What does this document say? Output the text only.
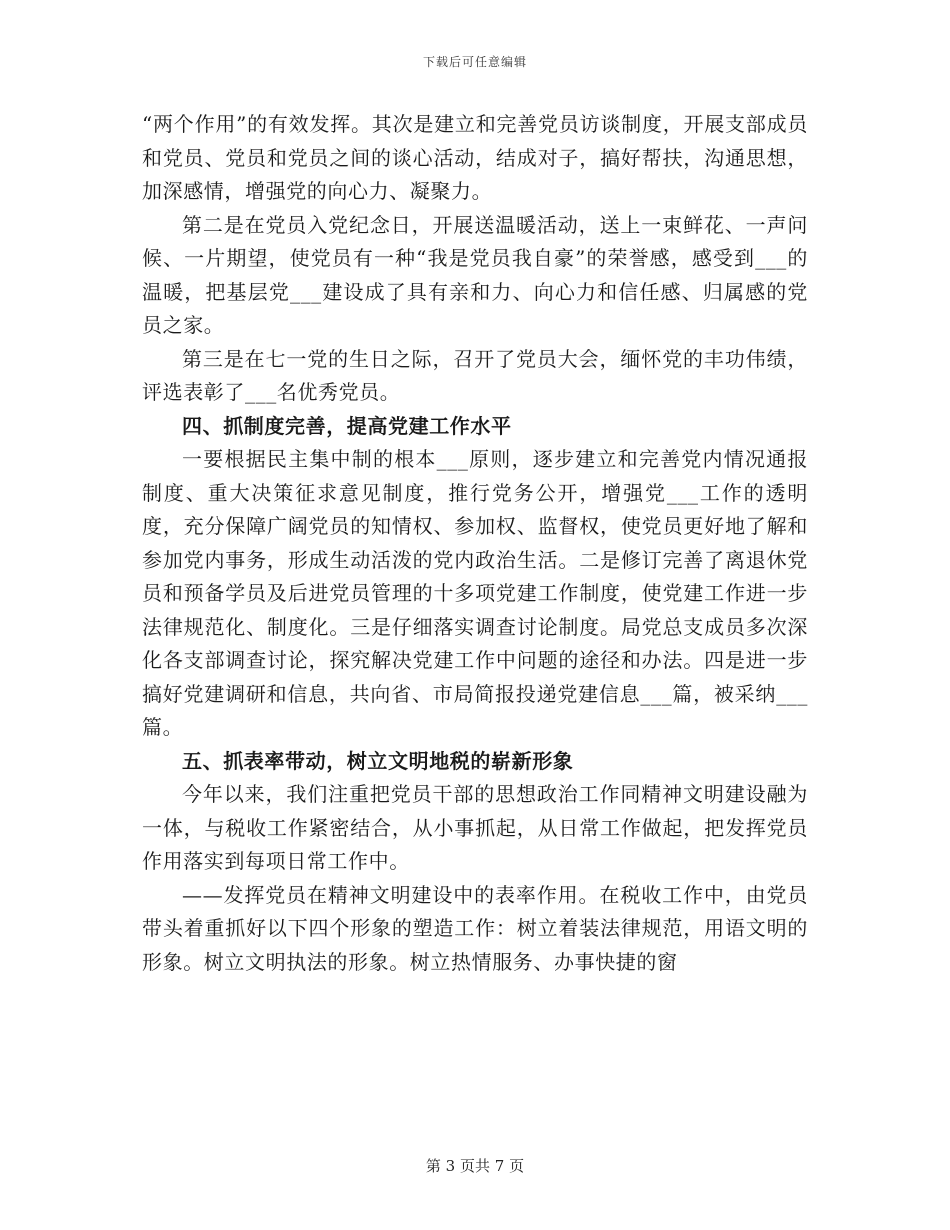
下载后可任意编辑

“两个作用”的有效发挥。其次是建立和完善党员访谈制度，开展支部成员和党员、党员和党员之间的谈心活动，结成对子，搞好帮扶，沟通思想，加深感情，增强党的向心力、凝聚力。

第二是在党员入党纪念日，开展送温暖活动，送上一束鲜花、一声问候、一片期望，使党员有一种“我是党员我自豪”的荣誉感，感受到___的温暖，把基层党___建设成了具有亲和力、向心力和信任感、归属感的党员之家。

第三是在七一党的生日之际，召开了党员大会，缅怀党的丰功伟绩，评选表彰了___名优秀党员。

四、抓制度完善，提高党建工作水平

一要根据民主集中制的根本___原则，逐步建立和完善党内情况通报制度、重大决策征求意见制度，推行党务公开，增强党___工作的透明度，充分保障广阔党员的知情权、参加权、监督权，使党员更好地了解和参加党内事务，形成生动活泼的党内政治生活。二是修订完善了离退休党员和预备学员及后进党员管理的十多项党建工作制度，使党建工作进一步法律规范化、制度化。三是仔细落实调查讨论制度。局党总支成员多次深化各支部调查讨论，探究解决党建工作中问题的途径和办法。四是进一步搞好党建调研和信息，共向省、市局简报投递党建信息___篇，被采纳___篇。

五、抓表率带动，树立文明地税的崭新形象

今年以来，我们注重把党员干部的思想政治工作同精神文明建设融为一体，与税收工作紧密结合，从小事抓起，从日常工作做起，把发挥党员作用落实到每项日常工作中。

——发挥党员在精神文明建设中的表率作用。在税收工作中，由党员带头着重抓好以下四个形象的塑造工作：树立着装法律规范，用语文明的形象。树立文明执法的形象。树立热情服务、办事快捷的窗

第 3 页共 7 页
